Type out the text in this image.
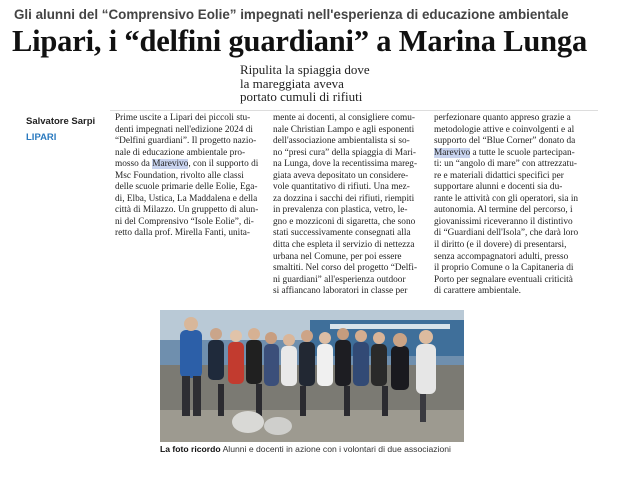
Gli alunni del “Comprensivo Eolie” impegnati nell'esperienza di educazione ambientale
Lipari, i “delfini guardiani” a Marina Lunga
Ripulita la spiaggia dove
la mareggiata aveva
portato cumuli di rifiuti
Salvatore Sarpi
LIPARI
Prime uscite a Lipari dei piccoli stu-
denti impegnati nell'edizione 2024 di
“Delfini guardiani”. Il progetto nazio-
nale di educazione ambientale pro-
mosso da Marevivo, con il supporto di
Msc Foundation, rivolto alle classi
delle scuole primarie delle Eolie, Ega-
di, Elba, Ustica, La Maddalena e della
città di Milazzo. Un gruppetto di alun-
ni del Comprensivo “Isole Eolie”, di-
retto dalla prof. Mirella Fanti, unita-
mente ai docenti, al consigliere comu-
nale Christian Lampo e agli esponenti
dell'associazione ambientalista si so-
no “presi cura” della spiaggia di Mari-
na Lunga, dove la recentissima mareg-
giata aveva depositato un considere-
vole quantitativo di rifiuti. Una mez-
za dozzina i sacchi dei rifiuti, riempiti
in prevalenza con plastica, vetro, le-
gno e mozziconi di sigaretta, che sono
stati successivamente consegnati alla
ditta che espleta il servizio di nettezza
urbana nel Comune, per poi essere
smaltiti. Nel corso del progetto “Delfi-
ni guardiani” all'esperienza outdoor
si affiancano laboratori in classe per
perfezionare quanto appreso grazie a
metodologie attive e coinvolgenti e al
supporto del “Blue Corner” donato da
Marevivo a tutte le scuole partecipan-
ti: un “angolo di mare” con attrezzatu-
re e materiali didattici specifici per
supportare alunni e docenti sia du-
rante le attività con gli operatori, sia in
autonomia. Al termine del percorso, i
giovanissimi riceveranno il distintivo
di “Guardiani dell'Isola”, che darà loro
il diritto (e il dovere) di presentarsi,
senza accompagnatori adulti, presso
il proprio Comune o la Capitaneria di
Porto per segnalare eventuali criticità
di carattere ambientale.
La foto ricordo Alunni e docenti in azione con i volontari di due associazioni
